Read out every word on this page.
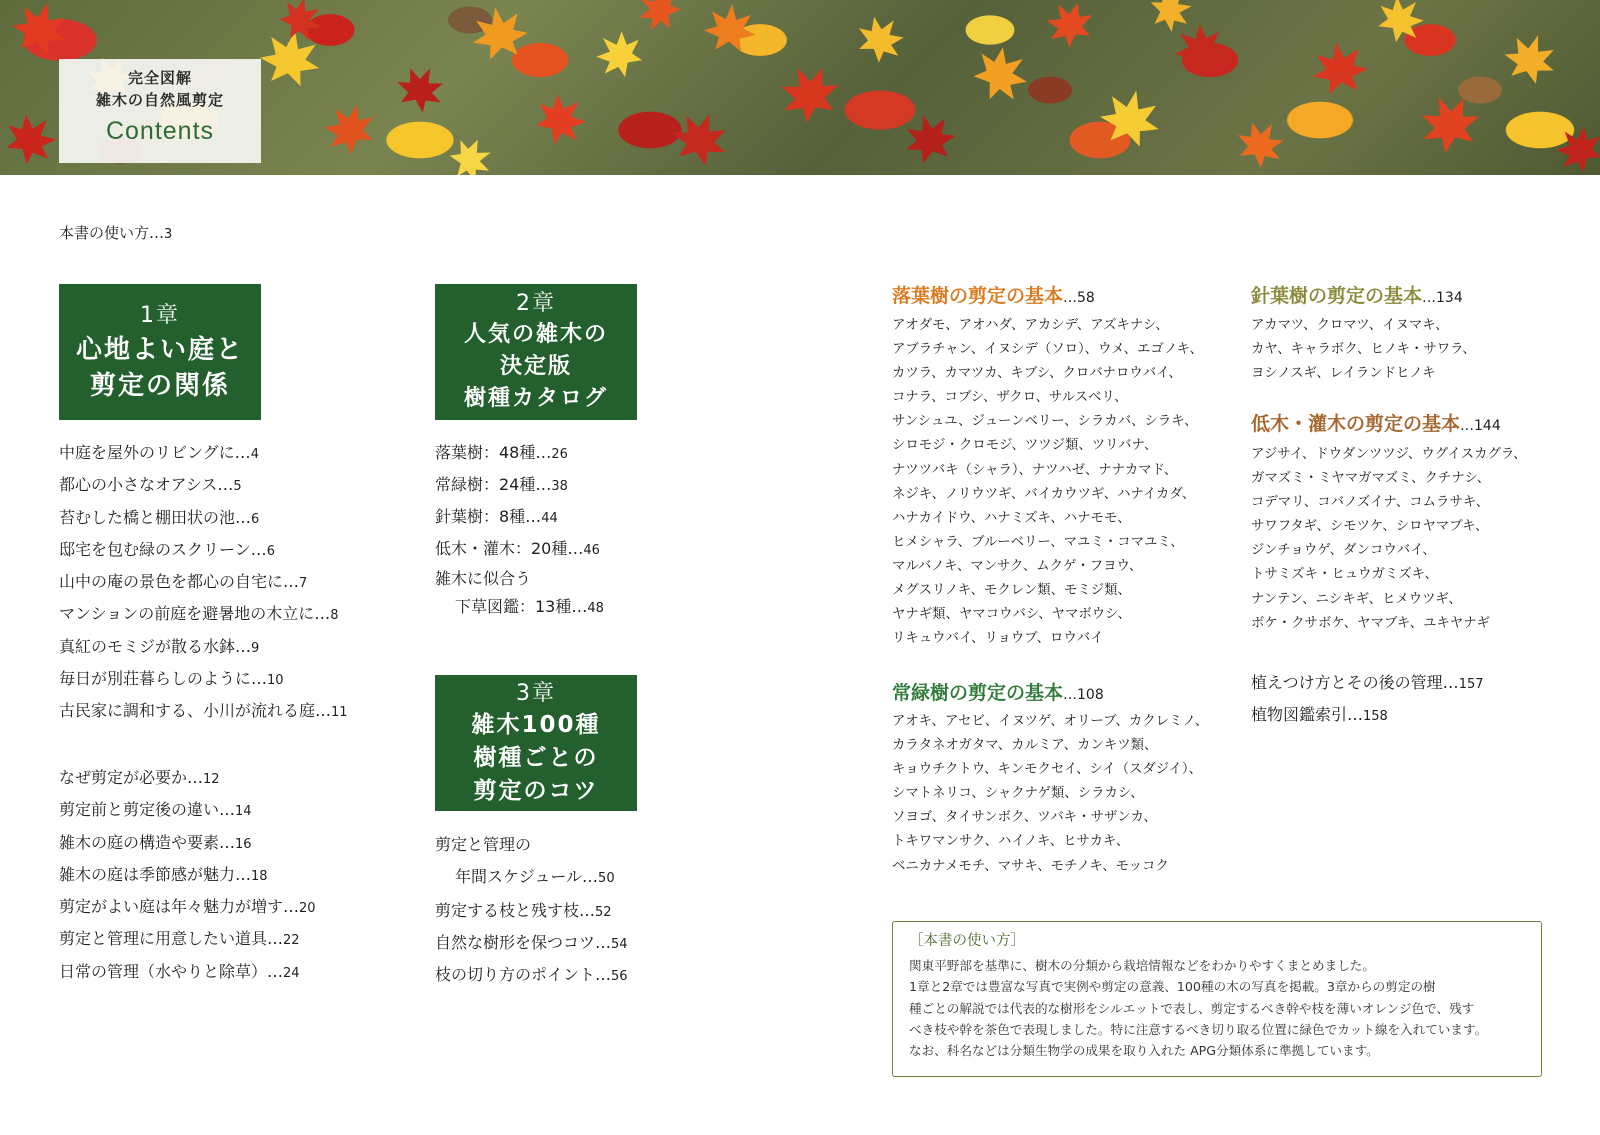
完全図解
雑木の自然風剪定
Contents
本書の使い方…3
1章
心地よい庭と
剪定の関係
中庭を屋外のリビングに…4
都心の小さなオアシス…5
苔むした橋と棚田状の池…6
邸宅を包む緑のスクリーン…6
山中の庵の景色を都心の自宅に…7
マンションの前庭を避暑地の木立に…8
真紅のモミジが散る水鉢…9
毎日が別荘暮らしのように…10
古民家に調和する、小川が流れる庭…11
なぜ剪定が必要か…12
剪定前と剪定後の違い…14
雑木の庭の構造や要素…16
雑木の庭は季節感が魅力…18
剪定がよい庭は年々魅力が増す…20
剪定と管理に用意したい道具…22
日常の管理（水やりと除草）…24
2章
人気の雑木の
決定版
樹種カタログ
落葉樹：48種…26
常緑樹：24種…38
針葉樹：8種…44
低木・灌木：20種…46
雑木に似合う
下草図鑑：13種…48
3章
雑木100種
樹種ごとの
剪定のコツ
剪定と管理の
年間スケジュール…50
剪定する枝と残す枝…52
自然な樹形を保つコツ…54
枝の切り方のポイント…56
落葉樹の剪定の基本…58
アオダモ、アオハダ、アカシデ、アズキナシ、
アブラチャン、イヌシデ（ソロ）、ウメ、エゴノキ、
カツラ、カマツカ、キブシ、クロバナロウバイ、
コナラ、コブシ、ザクロ、サルスベリ、
サンシュユ、ジューンベリー、シラカバ、シラキ、
シロモジ・クロモジ、ツツジ類、ツリバナ、
ナツツバキ（シャラ）、ナツハゼ、ナナカマド、
ネジキ、ノリウツギ、バイカウツギ、ハナイカダ、
ハナカイドウ、ハナミズキ、ハナモモ、
ヒメシャラ、ブルーベリー、マユミ・コマユミ、
マルバノキ、マンサク、ムクゲ・フヨウ、
メグスリノキ、モクレン類、モミジ類、
ヤナギ類、ヤマコウバシ、ヤマボウシ、
リキュウバイ、リョウブ、ロウバイ
常緑樹の剪定の基本…108
アオキ、アセビ、イヌツゲ、オリーブ、カクレミノ、
カラタネオガタマ、カルミア、カンキツ類、
キョウチクトウ、キンモクセイ、シイ（スダジイ）、
シマトネリコ、シャクナゲ類、シラカシ、
ソヨゴ、タイサンボク、ツバキ・サザンカ、
トキワマンサク、ハイノキ、ヒサカキ、
ベニカナメモチ、マサキ、モチノキ、モッコク
針葉樹の剪定の基本…134
アカマツ、クロマツ、イヌマキ、
カヤ、キャラボク、ヒノキ・サワラ、
ヨシノスギ、レイランドヒノキ
低木・灌木の剪定の基本…144
アジサイ、ドウダンツツジ、ウグイスカグラ、
ガマズミ・ミヤマガマズミ、クチナシ、
コデマリ、コバノズイナ、コムラサキ、
サワフタギ、シモツケ、シロヤマブキ、
ジンチョウゲ、ダンコウバイ、
トサミズキ・ヒュウガミズキ、
ナンテン、ニシキギ、ヒメウツギ、
ボケ・クサボケ、ヤマブキ、ユキヤナギ
植えつけ方とその後の管理…157
植物図鑑索引…158
［本書の使い方］
関東平野部を基準に、樹木の分類から栽培情報などをわかりやすくまとめました。
1章と2章では豊富な写真で実例や剪定の意義、100種の木の写真を掲載。3章からの剪定の樹
種ごとの解説では代表的な樹形をシルエットで表し、剪定するべき幹や枝を薄いオレンジ色で、残す
べき枝や幹を茶色で表現しました。特に注意するべき切り取る位置に緑色でカット線を入れています。
なお、科名などは分類生物学の成果を取り入れた APG分類体系に準拠しています。
